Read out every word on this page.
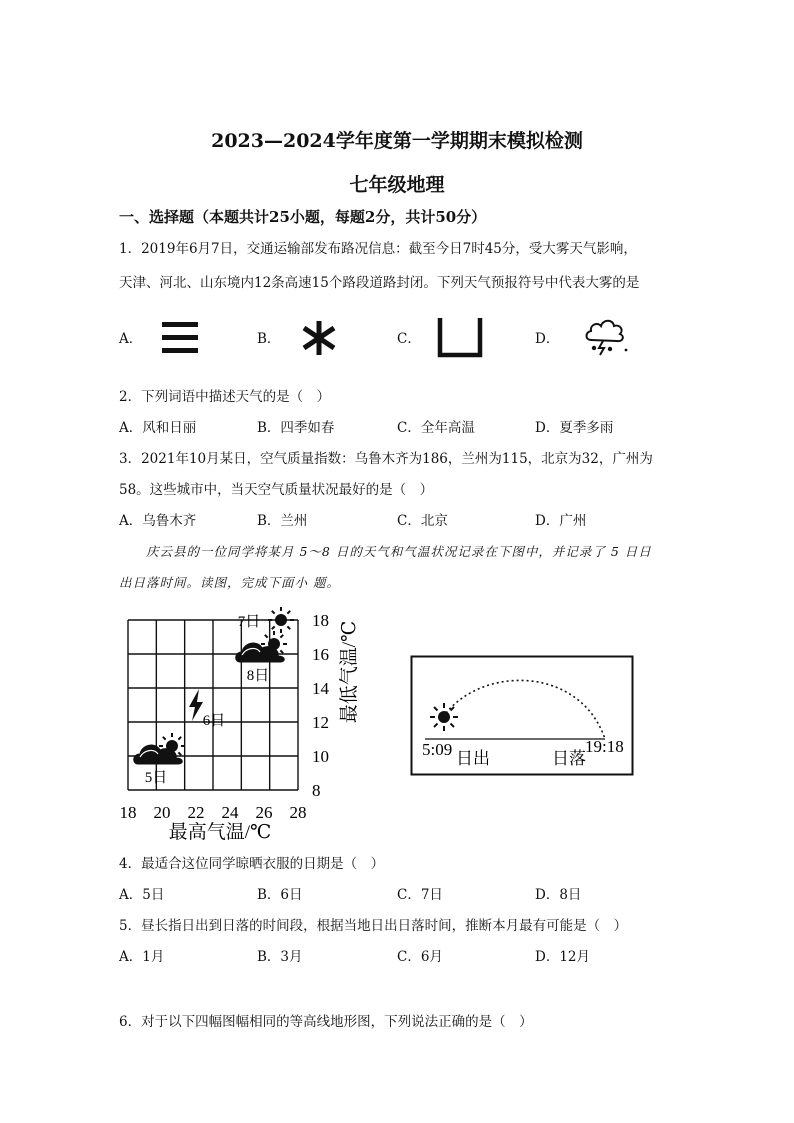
2023—2024学年度第一学期期末模拟检测
七年级地理
一、选择题（本题共计25小题，每题2分，共计50分）
1．2019年6月7日，交通运输部发布路况信息：截至今日7时45分，受大雾天气影响，
天津、河北、山东境内12条高速15个路段道路封闭。下列天气预报符号中代表大雾的是
A．	B．	C．	D．
2．下列词语中描述天气的是（　）
A．风和日丽	B．四季如春	C．全年高温	D．夏季多雨
3．2021年10月某日，空气质量指数：乌鲁木齐为186，兰州为115，北京为32，广州为
58。这些城市中，当天空气质量状况最好的是（　）
A．乌鲁木齐	B．兰州	C．北京	D．广州
庆云县的一位同学将某月 5～8 日的天气和气温状况记录在下图中，并记录了 5 日日
出日落时间。读图，完成下面小 题。
8
10
12
14
16
18
18 20 22 24 26 28
5日
6日
7日
8日
最高气温/℃
最低气温/℃
5:09 日出	日落
19:18
4．最适合这位同学晾晒衣服的日期是（　）
A．5日	B．6日	C．7日	D．8日
5．昼长指日出到日落的时间段，根据当地日出日落时间，推断本月最有可能是（　）
A．1月	B．3月	C．6月	D．12月
6．对于以下四幅图幅相同的等高线地形图，下列说法正确的是（　）
